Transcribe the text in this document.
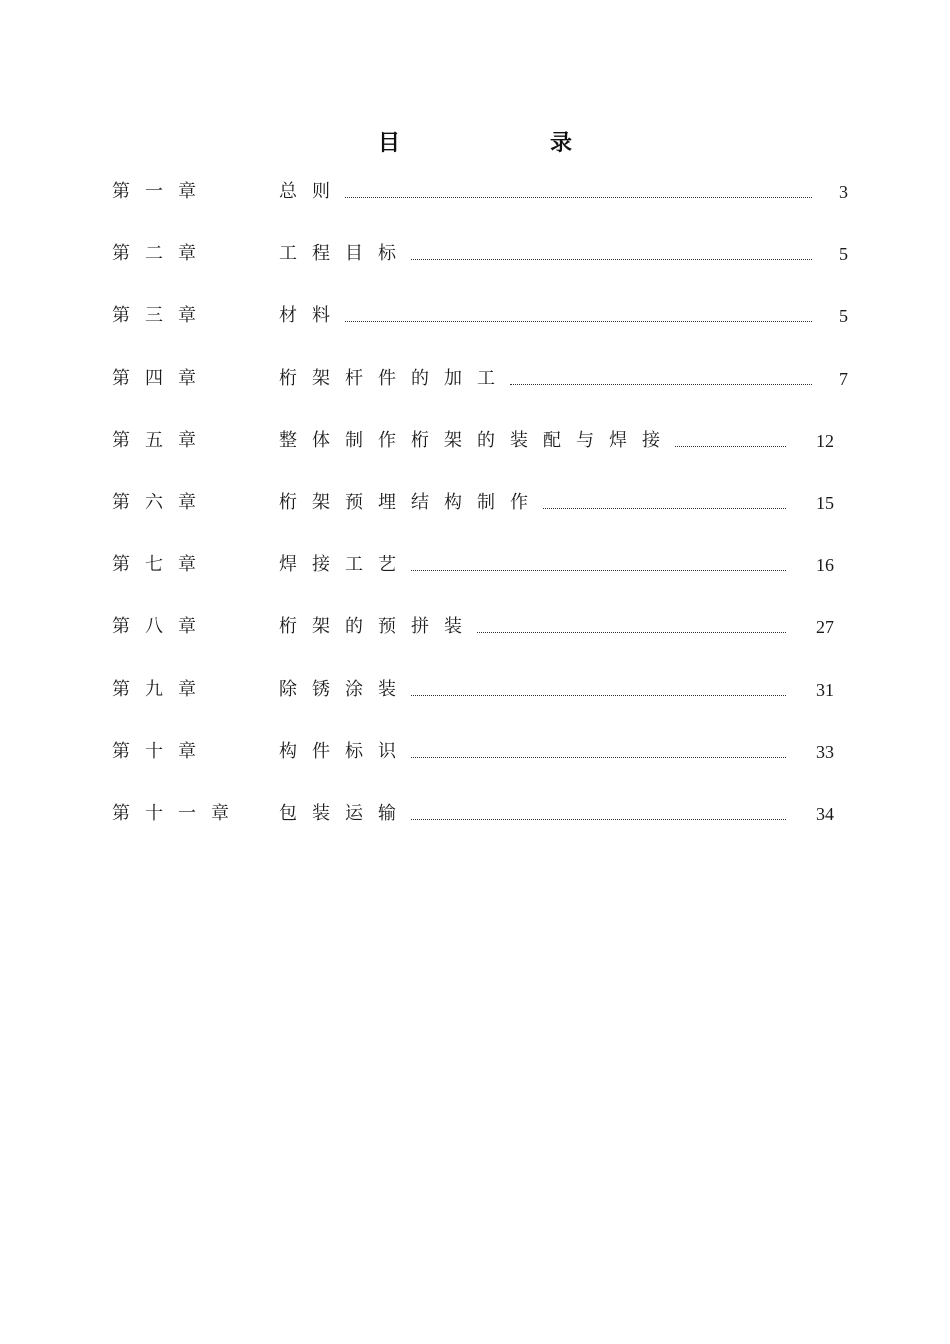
目　录
第一章	总则	3
第二章	工程目标	5
第三章	材料	5
第四章	桁架杆件的加工	7
第五章	整体制作桁架的装配与焊接	12
第六章	桁架预埋结构制作	15
第七章	焊接工艺	16
第八章	桁架的预拼装	27
第九章	除锈涂装	31
第十章	构件标识	33
第十一章	包装运输	34
